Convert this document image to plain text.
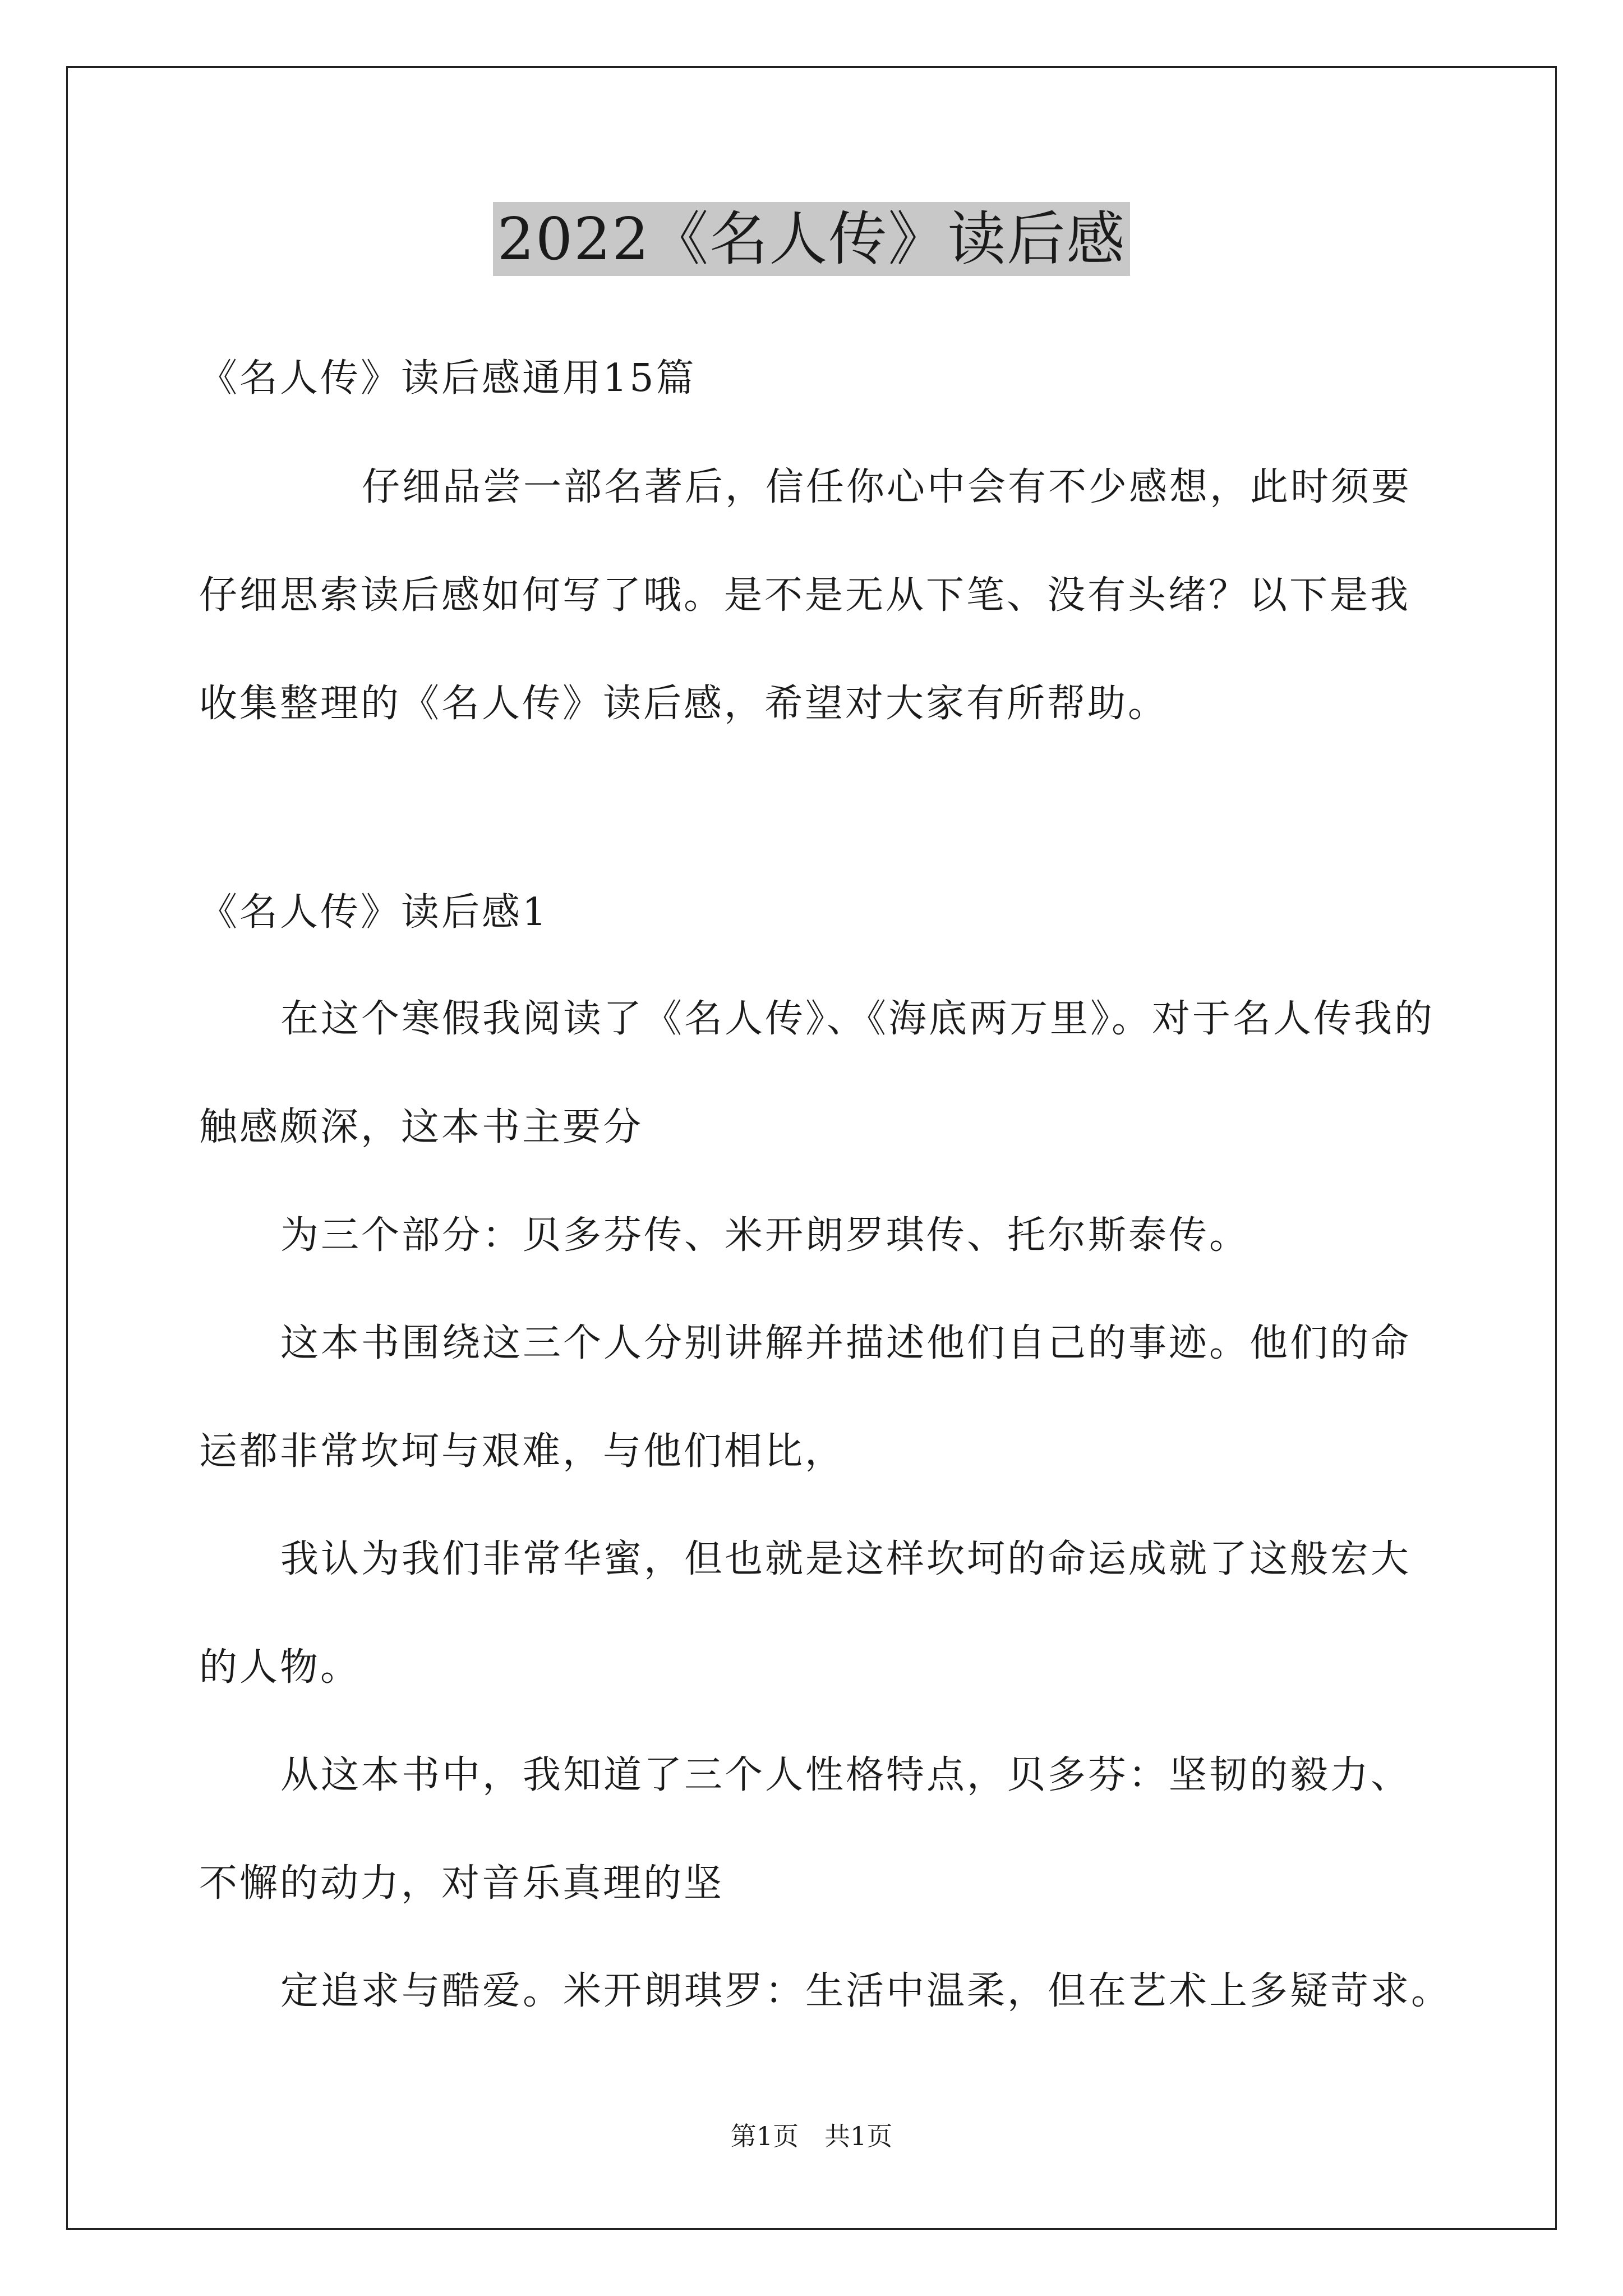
2022《名人传》读后感
《名人传》读后感通用15篇
仔细品尝一部名著后，信任你心中会有不少感想，此时须要
仔细思索读后感如何写了哦。是不是无从下笔、没有头绪？以下是我
收集整理的《名人传》读后感，希望对大家有所帮助。
《名人传》读后感1
在这个寒假我阅读了《名人传》、《海底两万里》。对于名人传我的
触感颇深，这本书主要分
为三个部分：贝多芬传、米开朗罗琪传、托尔斯泰传。
这本书围绕这三个人分别讲解并描述他们自己的事迹。他们的命
运都非常坎坷与艰难，与他们相比，
我认为我们非常华蜜，但也就是这样坎坷的命运成就了这般宏大
的人物。
从这本书中，我知道了三个人性格特点，贝多芬：坚韧的毅力、
不懈的动力，对音乐真理的坚
定追求与酷爱。米开朗琪罗：生活中温柔，但在艺术上多疑苛求。
第1页　共1页
